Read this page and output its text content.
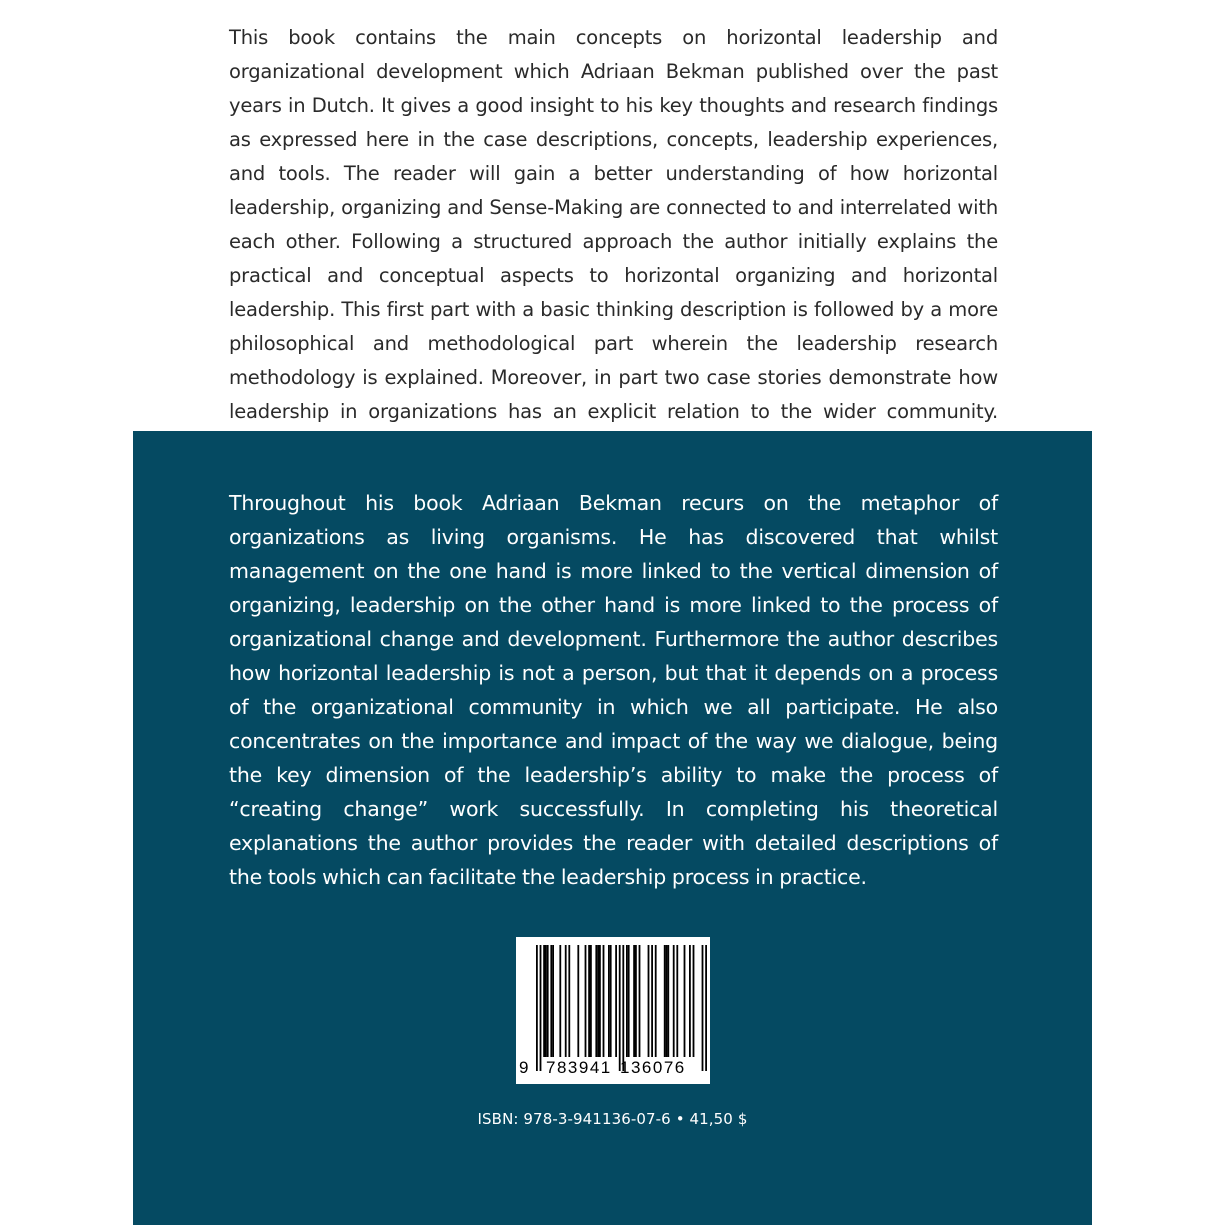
This book contains the main concepts on horizontal leadership and organizational development which Adriaan Bekman published over the past years in Dutch. It gives a good insight to his key thoughts and research findings as expressed here in the case descriptions, concepts, leadership experiences, and tools. The reader will gain a better understanding of how horizontal leadership, organizing and Sense-Making are connected to and interrelated with each other. Following a structured approach the author initially explains the practical and conceptual aspects to horizontal organizing and horizontal leadership. This first part with a basic thinking description is followed by a more philosophical and methodological part wherein the leadership research methodology is explained. Moreover, in part two case stories demonstrate how leadership in organizations has an explicit relation to the wider community.

Throughout his book Adriaan Bekman recurs on the metaphor of organizations as living organisms. He has discovered that whilst management on the one hand is more linked to the vertical dimension of organizing, leadership on the other hand is more linked to the process of organizational change and development. Furthermore the author describes how horizontal leadership is not a person, but that it depends on a process of the organizational community in which we all participate. He also concentrates on the importance and impact of the way we dialogue, being the key dimension of the leadership’s ability to make the process of “creating change” work successfully. In completing his theoretical explanations the author provides the reader with detailed descriptions of the tools which can facilitate the leadership process in practice.

9 783941 136076
ISBN: 978-3-941136-07-6 • 41,50 $
